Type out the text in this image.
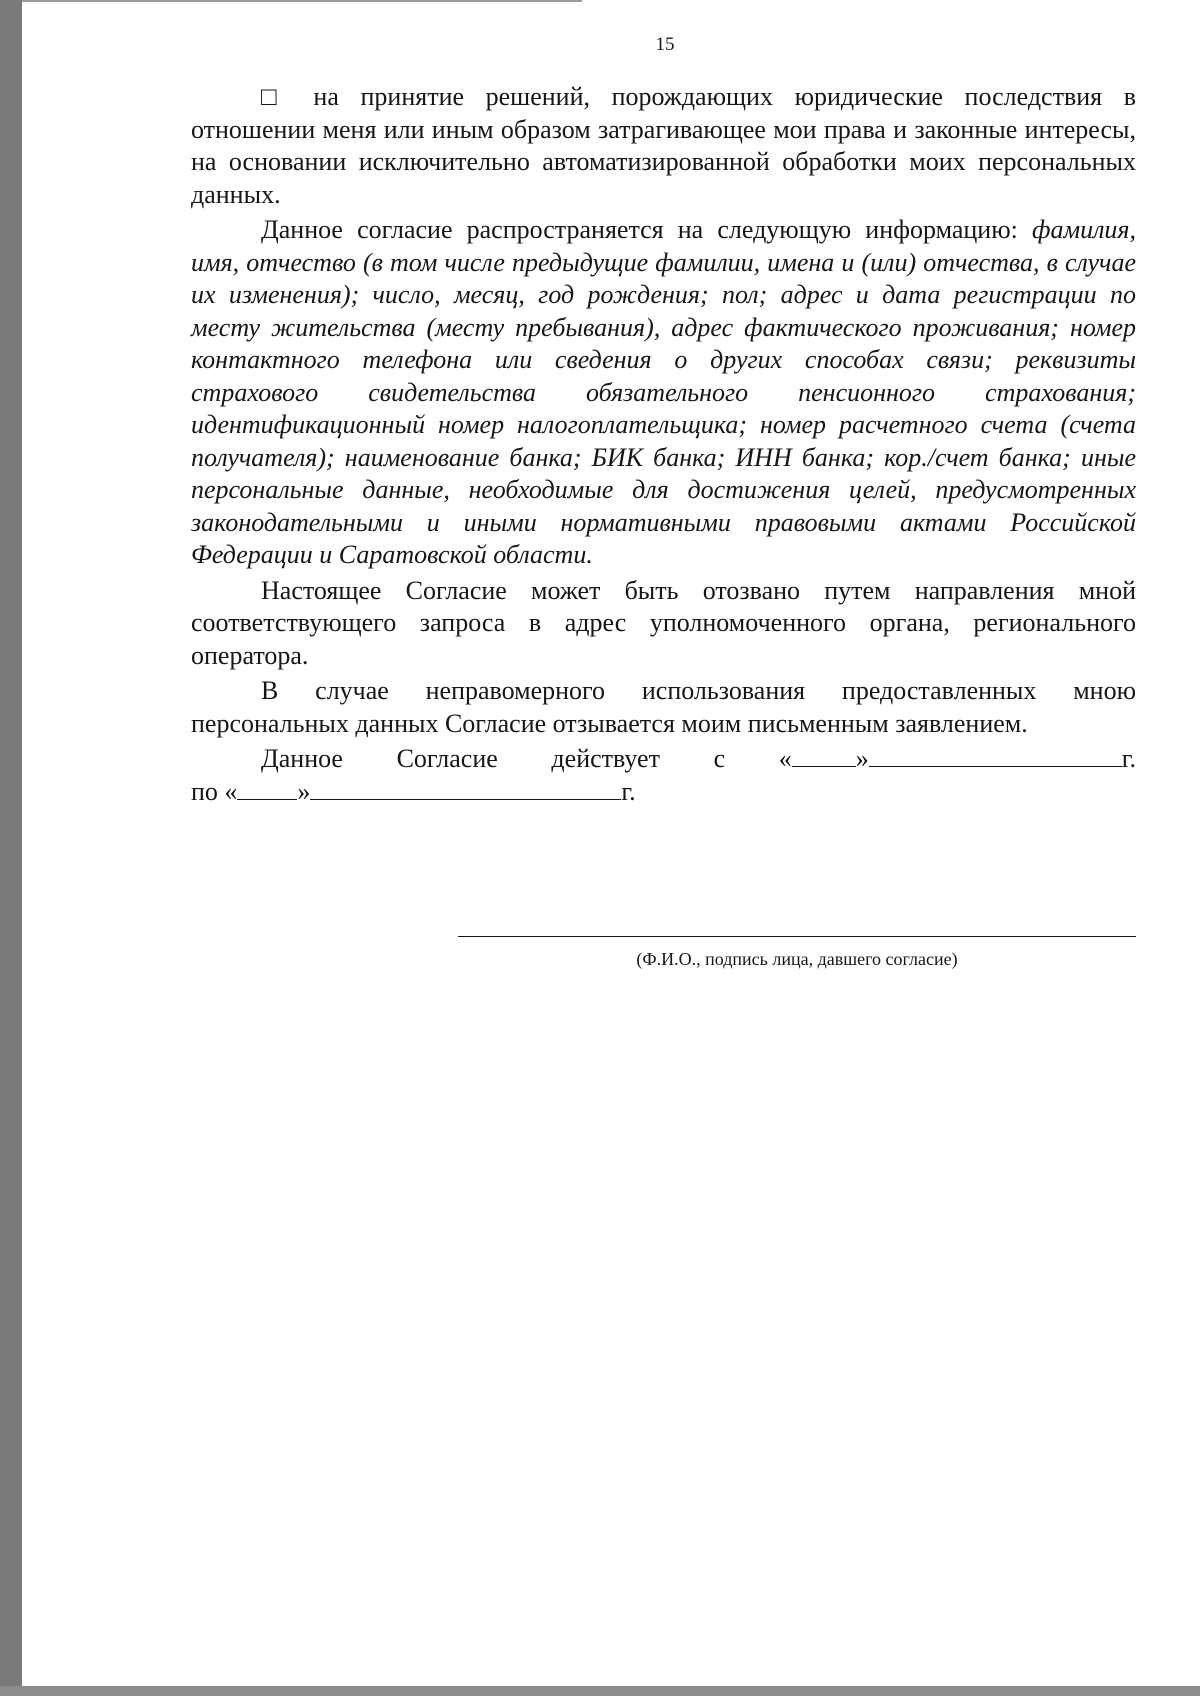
15

□ на принятие решений, порождающих юридические последствия в отношении меня или иным образом затрагивающее мои права и законные интересы, на основании исключительно автоматизированной обработки моих персональных данных.

Данное согласие распространяется на следующую информацию: фамилия, имя, отчество (в том числе предыдущие фамилии, имена и (или) отчества, в случае их изменения); число, месяц, год рождения; пол; адрес и дата регистрации по месту жительства (месту пребывания), адрес фактического проживания; номер контактного телефона или сведения о других способах связи; реквизиты страхового свидетельства обязательного пенсионного страхования; идентификационный номер налогоплательщика; номер расчетного счета (счета получателя); наименование банка; БИК банка; ИНН банка; кор./счет банка; иные персональные данные, необходимые для достижения целей, предусмотренных законодательными и иными нормативными правовыми актами Российской Федерации и Саратовской области.

Настоящее Согласие может быть отозвано путем направления мной соответствующего запроса в адрес уполномоченного органа, регионального оператора.

В случае неправомерного использования предоставленных мною персональных данных Согласие отзывается моим письменным заявлением.

Данное Согласие действует с « »	г.
по « »	г.
(Ф.И.О., подпись лица, давшего согласие)
